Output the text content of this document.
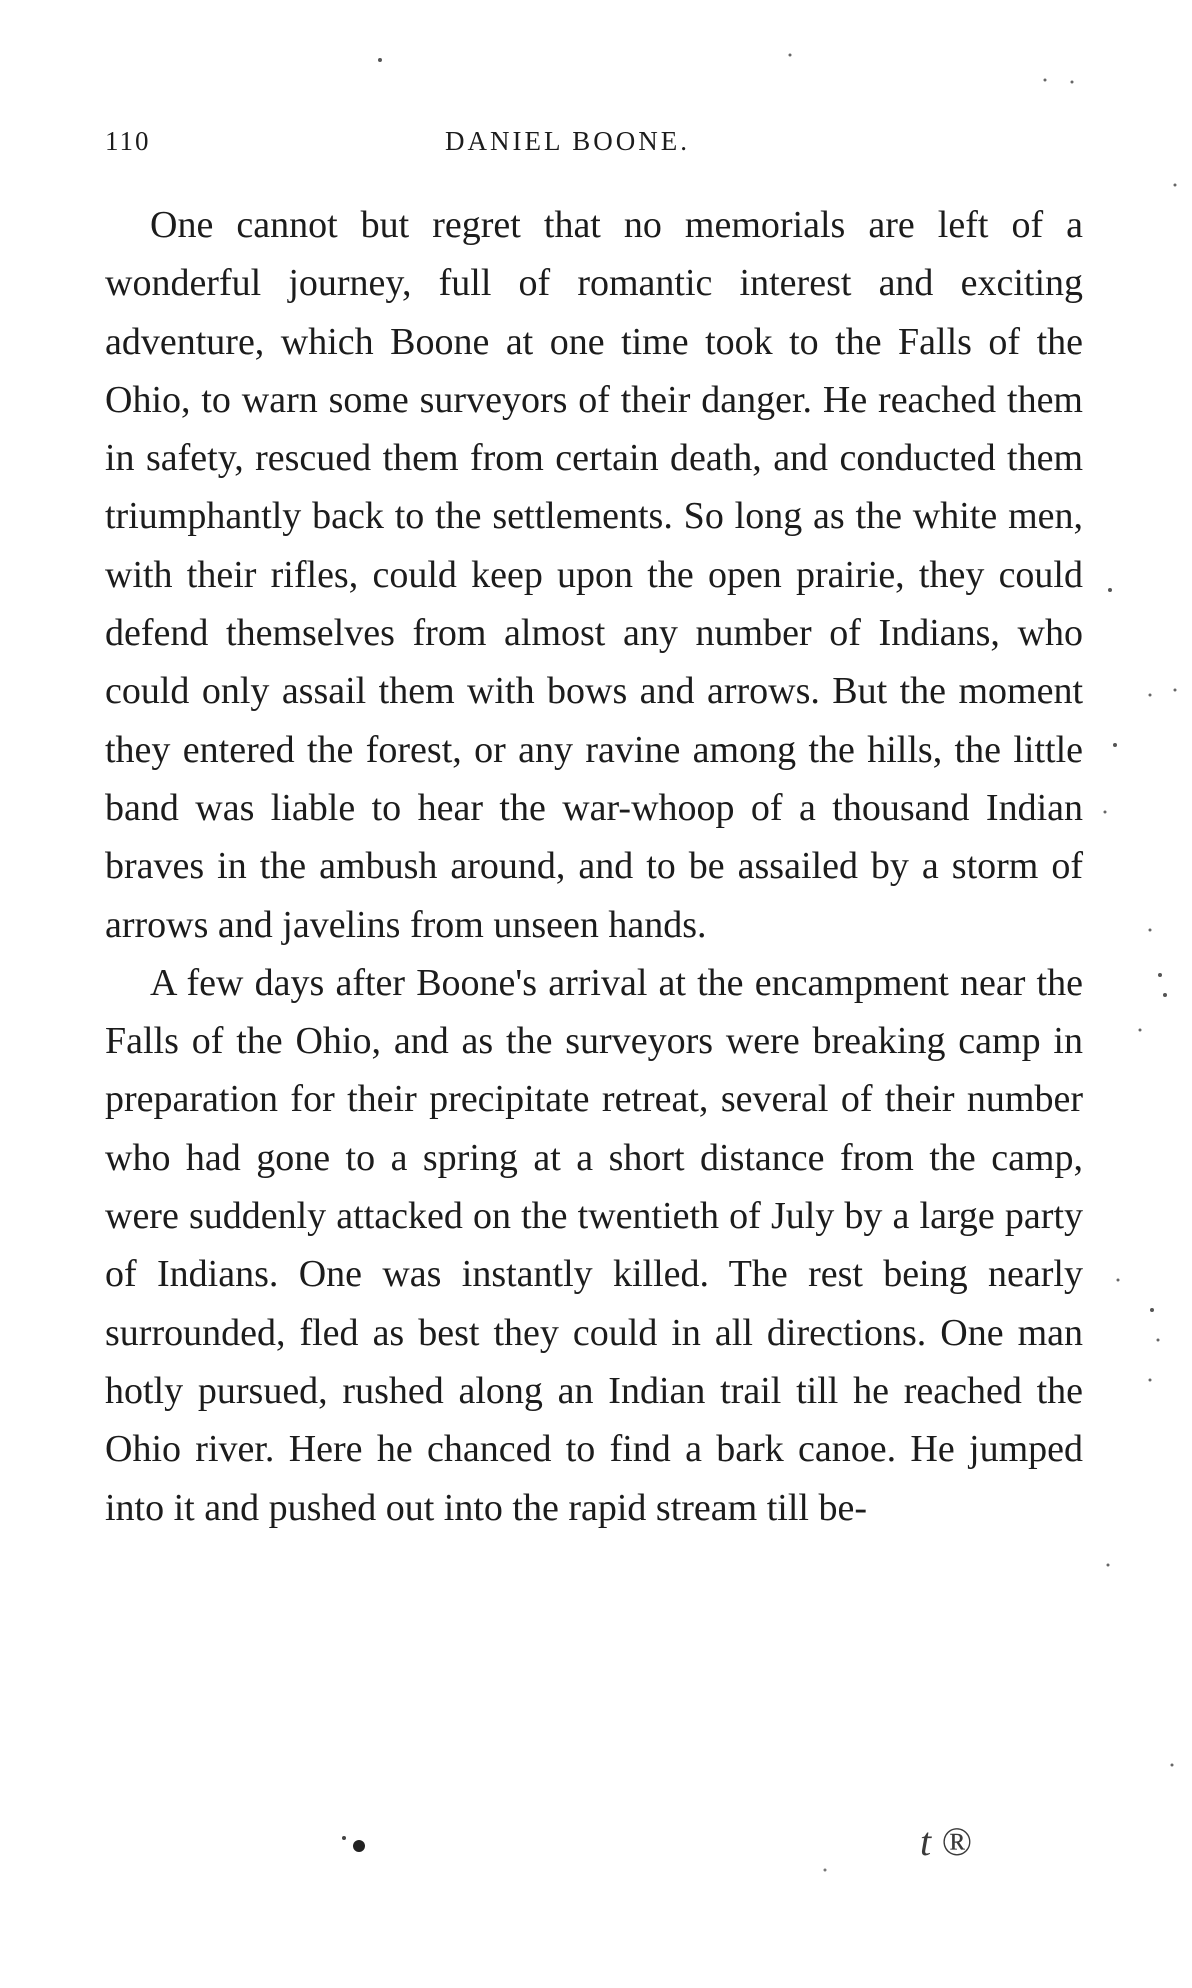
110	DANIEL BOONE.

One cannot but regret that no memorials are left of a wonderful journey, full of romantic interest and exciting adventure, which Boone at one time took to the Falls of the Ohio, to warn some surveyors of their danger. He reached them in safety, rescued them from certain death, and conducted them triumphantly back to the settlements. So long as the white men, with their rifles, could keep upon the open prairie, they could defend themselves from almost any number of Indians, who could only assail them with bows and arrows. But the moment they entered the forest, or any ravine among the hills, the little band was liable to hear the war-whoop of a thousand Indian braves in the ambush around, and to be assailed by a storm of arrows and javelins from unseen hands.

A few days after Boone's arrival at the encampment near the Falls of the Ohio, and as the surveyors were breaking camp in preparation for their precipitate retreat, several of their number who had gone to a spring at a short distance from the camp, were suddenly attacked on the twentieth of July by a large party of Indians. One was instantly killed. The rest being nearly surrounded, fled as best they could in all directions. One man hotly pursued, rushed along an Indian trail till he reached the Ohio river. Here he chanced to find a bark canoe. He jumped into it and pushed out into the rapid stream till be-

t ®
